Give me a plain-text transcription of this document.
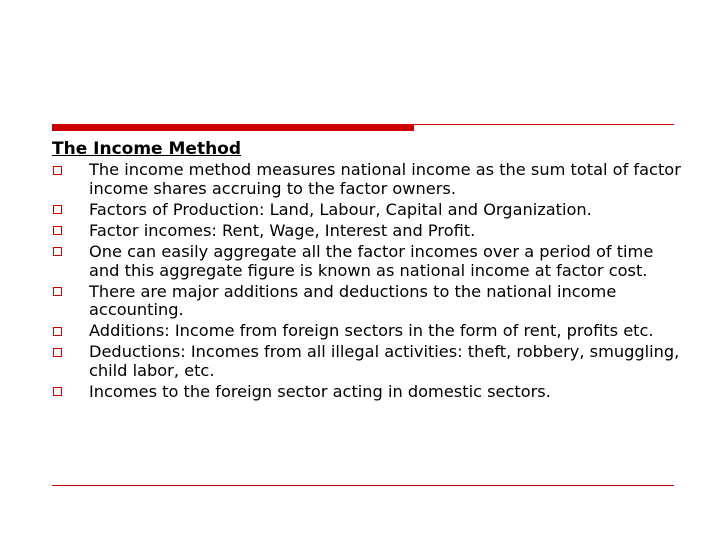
The Income Method
The income method measures national income as the sum total of factor income shares accruing to the factor owners.
Factors of Production: Land, Labour, Capital and Organization.
Factor incomes: Rent, Wage, Interest and Profit.
One can easily aggregate all the factor incomes over a period of time and this aggregate figure is known as national income at factor cost.
There are major additions and deductions to the national income accounting.
Additions: Income from foreign sectors in the form of rent, profits etc.
Deductions: Incomes from all illegal activities: theft, robbery, smuggling, child labor, etc.
Incomes to the foreign sector acting in domestic sectors.
